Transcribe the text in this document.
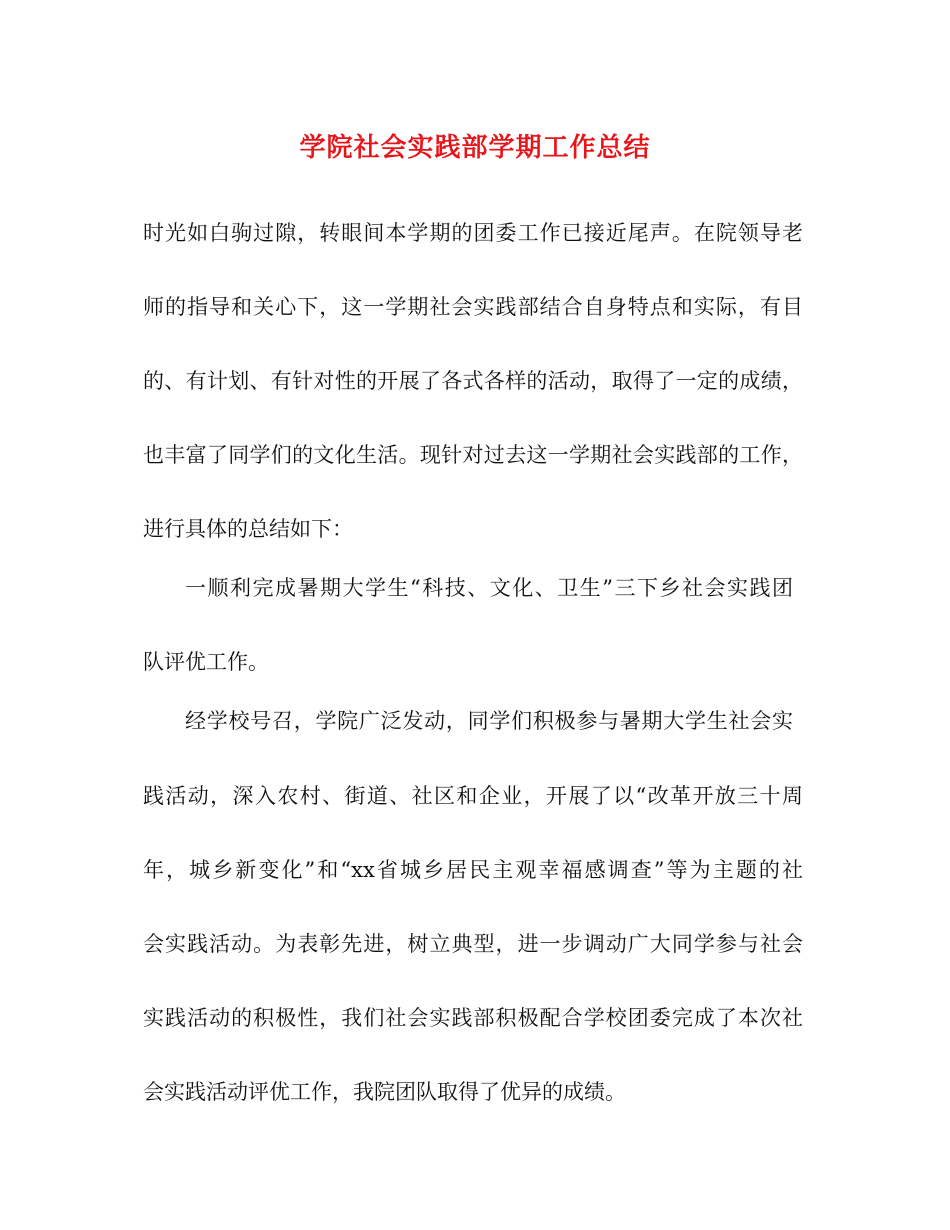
学院社会实践部学期工作总结
时光如白驹过隙，转眼间本学期的团委工作已接近尾声。在院领导老
师的指导和关心下，这一学期社会实践部结合自身特点和实际，有目
的、有计划、有针对性的开展了各式各样的活动，取得了一定的成绩，
也丰富了同学们的文化生活。现针对过去这一学期社会实践部的工作，
进行具体的总结如下：
一顺利完成暑期大学生“科技、文化、卫生”三下乡社会实践团
队评优工作。
经学校号召，学院广泛发动，同学们积极参与暑期大学生社会实
践活动，深入农村、街道、社区和企业，开展了以“改革开放三十周
年，城乡新变化”和“xx省城乡居民主观幸福感调查”等为主题的社
会实践活动。为表彰先进，树立典型，进一步调动广大同学参与社会
实践活动的积极性，我们社会实践部积极配合学校团委完成了本次社
会实践活动评优工作，我院团队取得了优异的成绩。
